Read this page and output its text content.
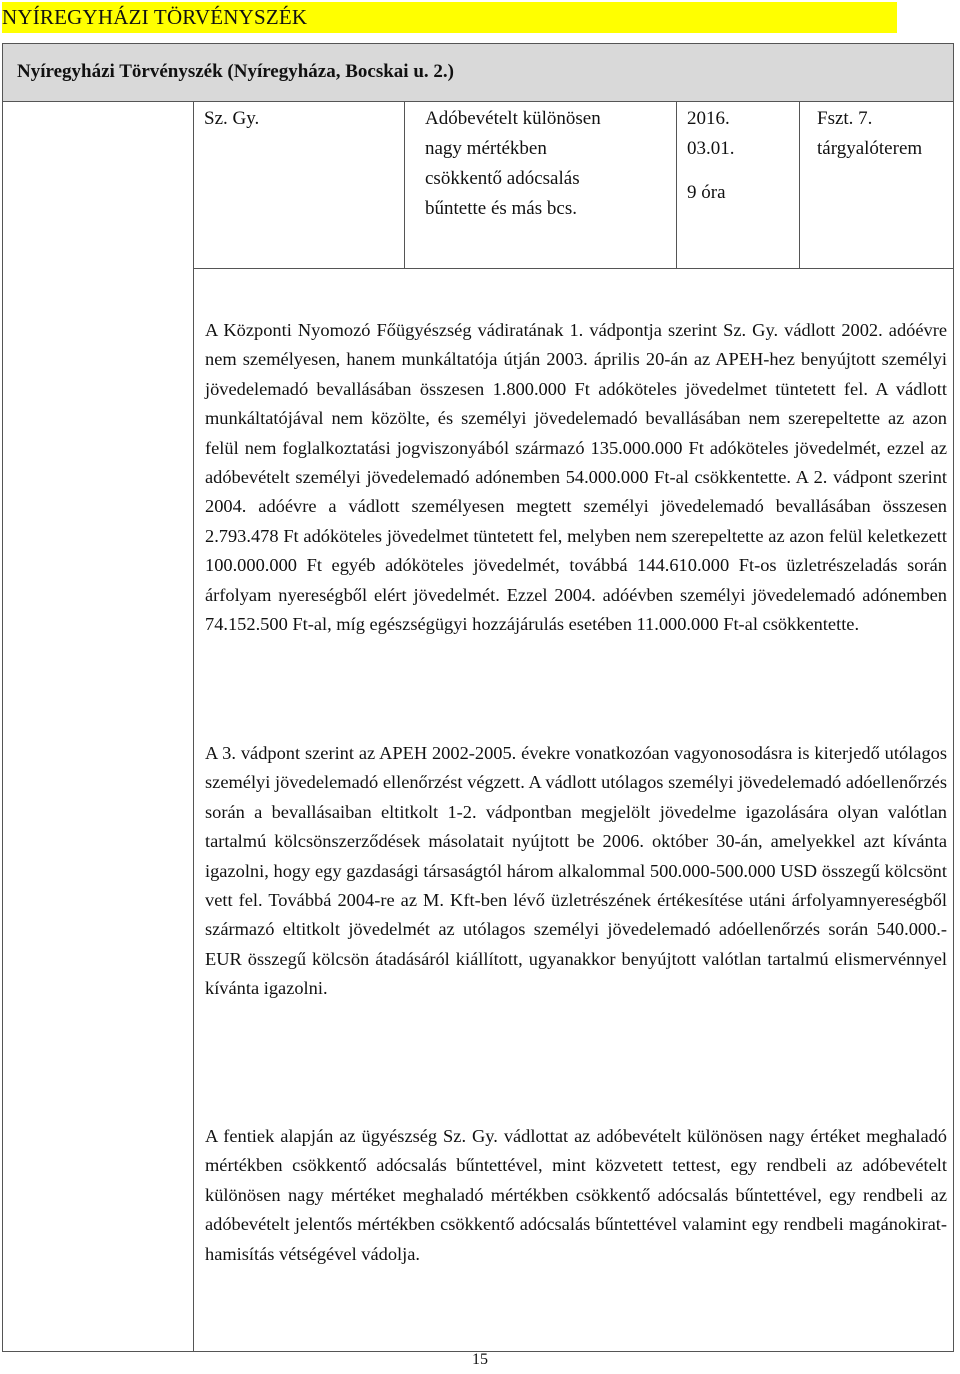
NYÍREGYHÁZI TÖRVÉNYSZÉK
Nyíregyházi Törvényszék (Nyíregyháza, Bocskai u. 2.)
Sz. Gy.	Adóbevételt különösen
nagy mértékben
csökkentő adócsalás
bűntette és más bcs.
2016.
03.01.
9 óra
Fszt. 7.
tárgyalóterem
A Központi Nyomozó Főügyészség vádiratának 1. vádpontja szerint Sz. Gy. vádlott 2002. adóévre nem személyesen, hanem munkáltatója útján 2003. április 20-án az APEH-hez benyújtott személyi jövedelemadó bevallásában összesen 1.800.000 Ft adóköteles jövedelmet tüntetett fel. A vádlott munkáltatójával nem közölte, és személyi jövedelemadó bevallásában nem szerepeltette az azon felül nem foglalkoztatási jogviszonyából származó 135.000.000 Ft adóköteles jövedelmét, ezzel az adóbevételt személyi jövedelemadó adónemben 54.000.000 Ft-al csökkentette. A 2. vádpont szerint 2004. adóévre a vádlott személyesen megtett személyi jövedelemadó bevallásában összesen 2.793.478 Ft adóköteles jövedelmet tüntetett fel, melyben nem szerepeltette az azon felül keletkezett 100.000.000 Ft egyéb adóköteles jövedelmét, továbbá 144.610.000 Ft-os üzletrészeladás során árfolyam nyereségből elért jövedelmét. Ezzel 2004. adóévben személyi jövedelemadó adónemben 74.152.500 Ft-al, míg egészségügyi hozzájárulás esetében 11.000.000 Ft-al csökkentette.
A 3. vádpont szerint az APEH 2002-2005. évekre vonatkozóan vagyonosodásra is kiterjedő utólagos személyi jövedelemadó ellenőrzést végzett. A vádlott utólagos személyi jövedelemadó adóellenőrzés során a bevallásaiban eltitkolt 1-2. vádpontban megjelölt jövedelme igazolására olyan valótlan tartalmú kölcsönszerződések másolatait nyújtott be 2006. október 30-án, amelyekkel azt kívánta igazolni, hogy egy gazdasági társaságtól három alkalommal 500.000-500.000 USD összegű kölcsönt vett fel. Továbbá 2004-re az M. Kft-ben lévő üzletrészének értékesítése utáni árfolyamnyereségből származó eltitkolt jövedelmét az utólagos személyi jövedelemadó adóellenőrzés során 540.000.-EUR összegű kölcsön átadásáról kiállított, ugyanakkor benyújtott valótlan tartalmú elismervénnyel kívánta igazolni.
A fentiek alapján az ügyészség Sz. Gy. vádlottat az adóbevételt különösen nagy értéket meghaladó mértékben csökkentő adócsalás bűntettével, mint közvetett tettest, egy rendbeli az adóbevételt különösen nagy mértéket meghaladó mértékben csökkentő adócsalás bűntettével, egy rendbeli az adóbevételt jelentős mértékben csökkentő adócsalás bűntettével valamint egy rendbeli magánokirat-hamisítás vétségével vádolja.
15
